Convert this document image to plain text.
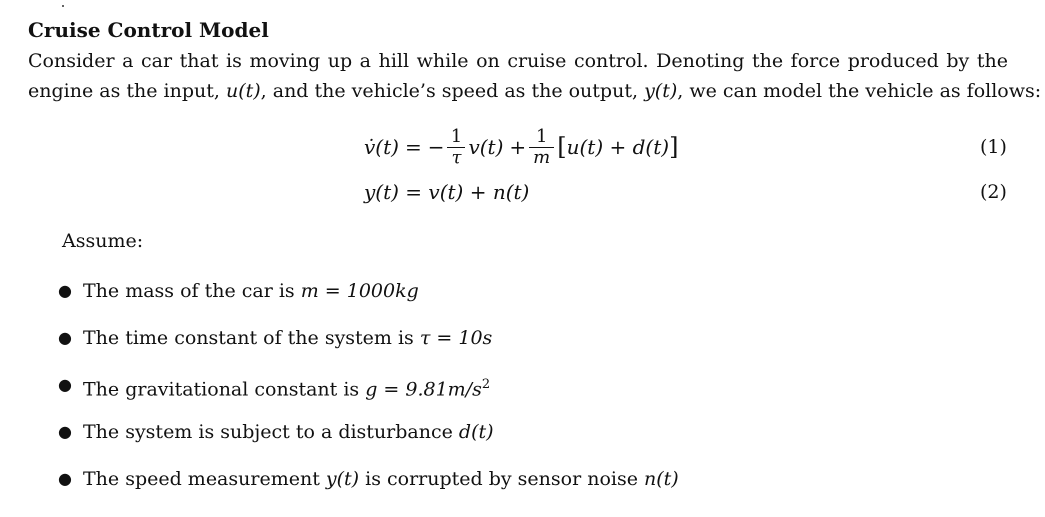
Cruise Control Model
Consider a car that is moving up a hill while on cruise control. Denoting the force produced by the
engine as the input, u(t), and the vehicle’s speed as the output, y(t), we can model the vehicle as follows:
v̇(t) = − $\frac{1}{\tau} v(t) + \frac{1}{m}$ [ u(t) + d(t) ]	(1)
y(t) = v(t) + n(t)	(2)
Assume:
● The mass of the car is m = 1000kg
● The time constant of the system is τ = 10s
● The gravitational constant is $g = 9.81m/s^2$
● The system is subject to a disturbance d(t)
● The speed measurement y(t) is corrupted by sensor noise n(t)
